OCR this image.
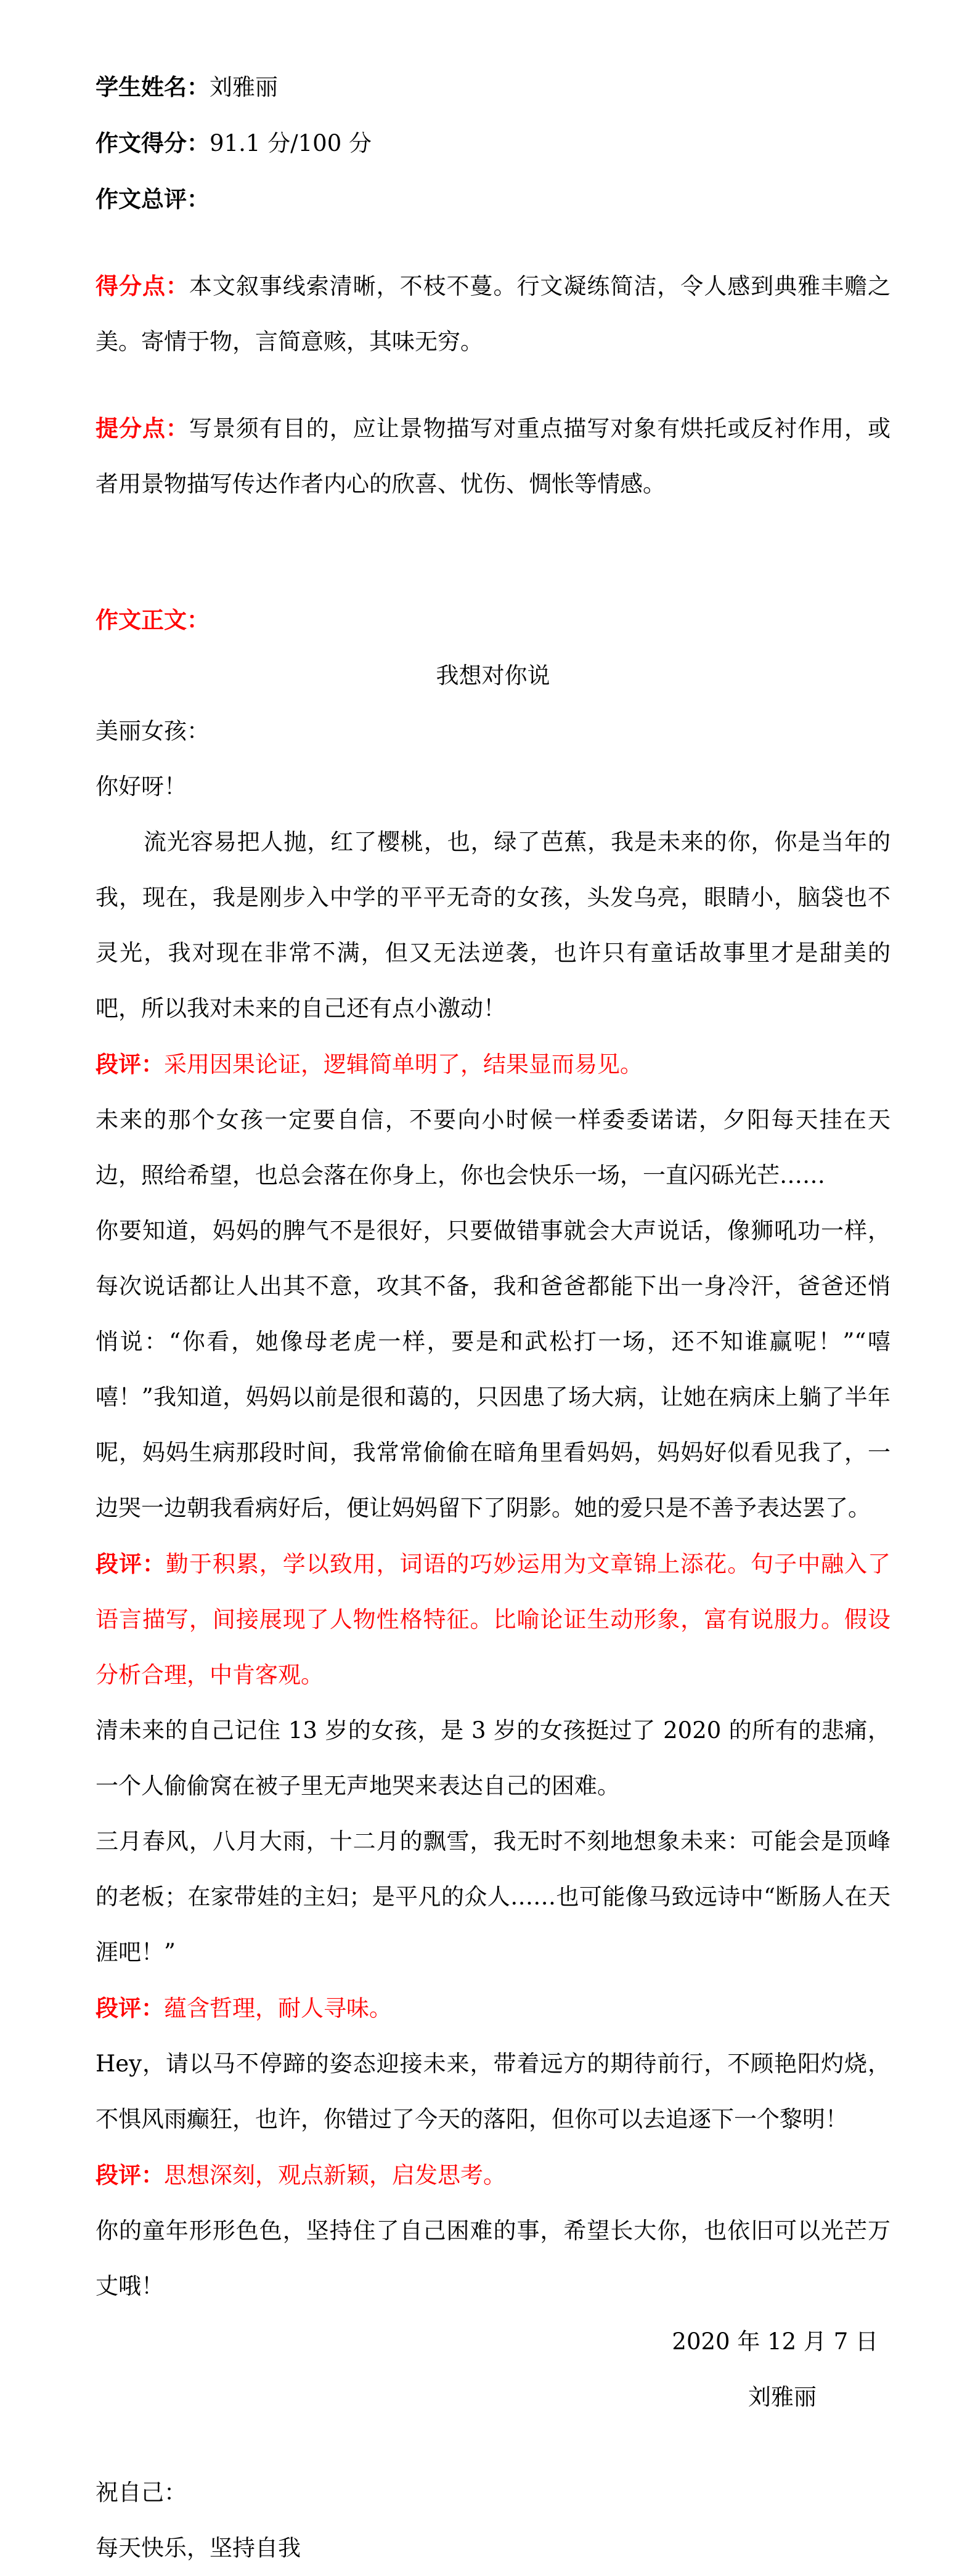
学生姓名：刘雅丽
作文得分：91.1 分/100 分
作文总评：

得分点：本文叙事线索清晰，不枝不蔓。行文凝练简洁，令人感到典雅丰赡之美。寄情于物，言简意赅，其味无穷。

提分点：写景须有目的，应让景物描写对重点描写对象有烘托或反衬作用，或者用景物描写传达作者内心的欣喜、忧伤、惆怅等情感。

作文正文：
我想对你说
美丽女孩：
你好呀！

流光容易把人抛，红了樱桃，也，绿了芭蕉，我是未来的你，你是当年的我，现在，我是刚步入中学的平平无奇的女孩，头发乌亮，眼睛小，脑袋也不灵光，我对现在非常不满，但又无法逆袭，也许只有童话故事里才是甜美的吧，所以我对未来的自己还有点小激动！

段评：采用因果论证，逻辑简单明了，结果显而易见。

未来的那个女孩一定要自信，不要向小时候一样委委诺诺，夕阳每天挂在天边，照给希望，也总会落在你身上，你也会快乐一场，一直闪砾光芒……

你要知道，妈妈的脾气不是很好，只要做错事就会大声说话，像狮吼功一样，每次说话都让人出其不意，攻其不备，我和爸爸都能下出一身冷汗，爸爸还悄悄说：“你看，她像母老虎一样，要是和武松打一场，还不知谁赢呢！”“嘻嘻！”我知道，妈妈以前是很和蔼的，只因患了场大病，让她在病床上躺了半年呢，妈妈生病那段时间，我常常偷偷在暗角里看妈妈，妈妈好似看见我了，一边哭一边朝我看病好后，便让妈妈留下了阴影。她的爱只是不善予表达罢了。

段评：勤于积累，学以致用，词语的巧妙运用为文章锦上添花。句子中融入了语言描写，间接展现了人物性格特征。比喻论证生动形象，富有说服力。假设分析合理，中肯客观。

清未来的自己记住 13 岁的女孩，是 3 岁的女孩挺过了 2020 的所有的悲痛，一个人偷偷窝在被子里无声地哭来表达自己的困难。

三月春风，八月大雨，十二月的飘雪，我无时不刻地想象未来：可能会是顶峰的老板；在家带娃的主妇；是平凡的众人……也可能像马致远诗中“断肠人在天涯吧！”

段评：蕴含哲理，耐人寻味。

Hey，请以马不停蹄的姿态迎接未来，带着远方的期待前行，不顾艳阳灼烧，不惧风雨癫狂，也许，你错过了今天的落阳，但你可以去追逐下一个黎明！

段评：思想深刻，观点新颖，启发思考。

你的童年形形色色，坚持住了自己困难的事，希望长大你，也依旧可以光芒万丈哦！

2020 年 12 月 7 日
刘雅丽
祝自己：
每天快乐，坚持自我
